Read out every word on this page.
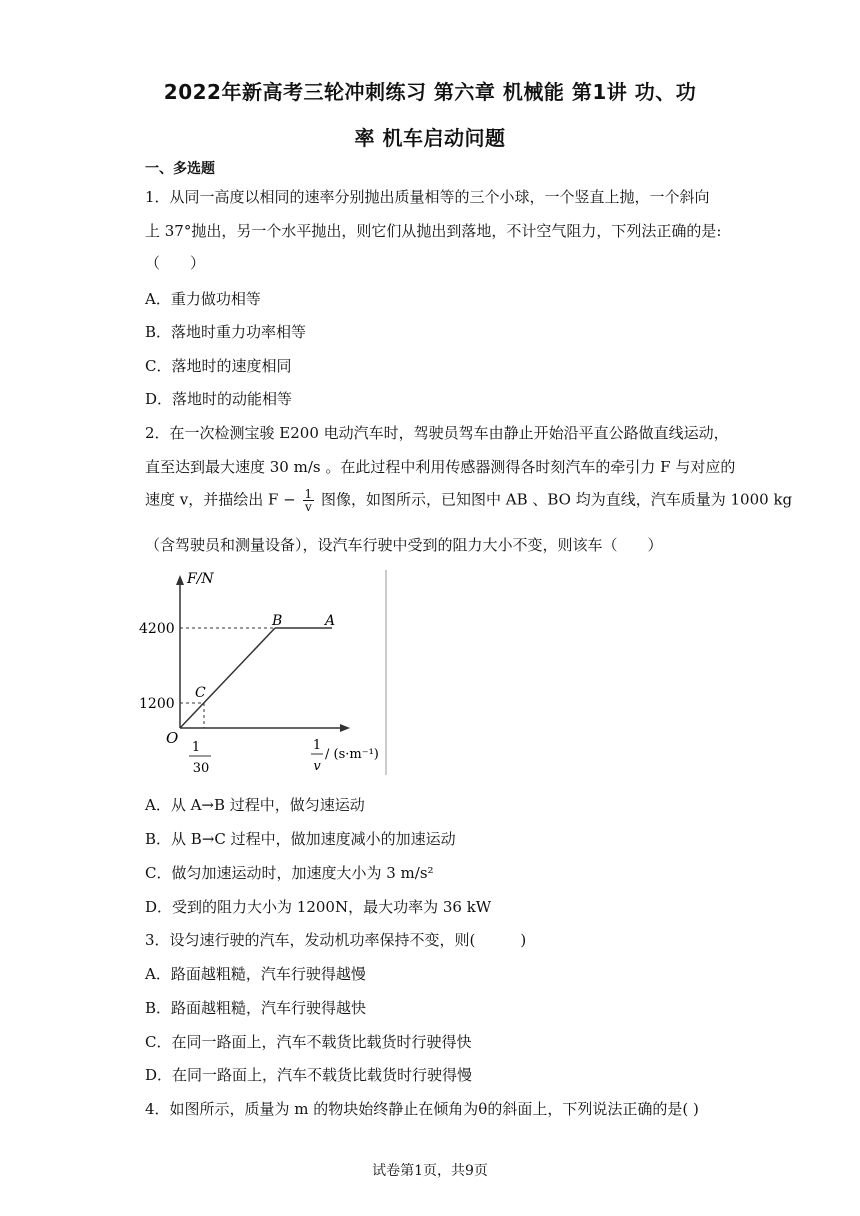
2022年新高考三轮冲刺练习 第六章 机械能 第1讲 功、功
率 机车启动问题
一、多选题
1．从同一高度以相同的速率分别抛出质量相等的三个小球，一个竖直上抛，一个斜向
上 37°抛出，另一个水平抛出，则它们从抛出到落地，不计空气阻力，下列法正确的是:
（　　）
A．重力做功相等
B．落地时重力功率相等
C．落地时的速度相同
D．落地时的动能相等
2．在一次检测宝骏 E200 电动汽车时，驾驶员驾车由静止开始沿平直公路做直线运动，
直至达到最大速度 30 m/s 。在此过程中利用传感器测得各时刻汽车的牵引力 F 与对应的
速度 v，并描绘出 $F - \frac{1}{v}$ 图像，如图所示，已知图中 AB 、BO 均为直线，汽车质量为 1000 kg
（含驾驶员和测量设备），设汽车行驶中受到的阻力大小不变，则该车（　　）
F/N
4200
1200
O
1
30
B	A
C
1
v
/ (s·m⁻¹)
A．从 A→B 过程中，做匀速运动
B．从 B→C 过程中，做加速度减小的加速运动
C．做匀加速运动时，加速度大小为 3 m/s²
D．受到的阻力大小为 1200N，最大功率为 36 kW
3．设匀速行驶的汽车，发动机功率保持不变，则(　　　)
A．路面越粗糙，汽车行驶得越慢
B．路面越粗糙，汽车行驶得越快
C．在同一路面上，汽车不载货比载货时行驶得快
D．在同一路面上，汽车不载货比载货时行驶得慢
4．如图所示，质量为 m 的物块始终静止在倾角为θ的斜面上，下列说法正确的是( )
试卷第1页，共9页
